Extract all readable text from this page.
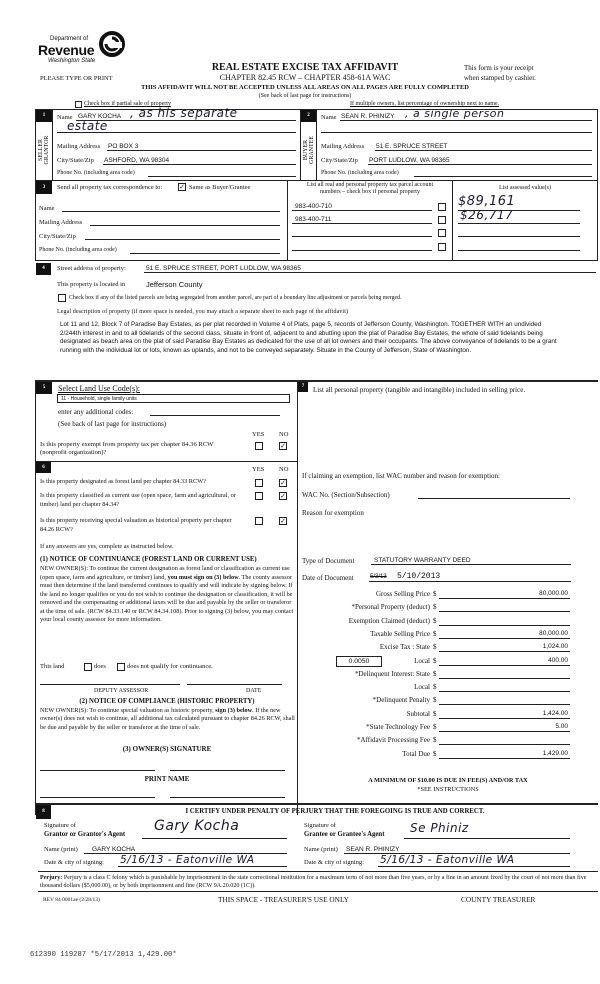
Department of
Revenue
Washington State
REAL ESTATE EXCISE TAX AFFIDAVIT
CHAPTER 82.45 RCW – CHAPTER 458-61A WAC
PLEASE TYPE OR PRINT
This form is your receipt
when stamped by cashier.
THIS AFFIDAVIT WILL NOT BE ACCEPTED UNLESS ALL AREAS ON ALL PAGES ARE FULLY COMPLETED
(See back of last page for instructions)
Check box if partial sale of property	If multiple owners, list percentage of ownership next to name.
1
SELLER GRANTOR
Name GARY KOCHA , as his separate
estate
Mailing Address PO BOX 3
City/State/Zip ASHFORD, WA 98304
Phone No. (including area code)
2
BUYER GRANTEE
Name SEAN R. PHINIZY , a single person
Mailing Address 51 E. SPRUCE STREET
City/State/Zip PORT LUDLOW, WA 98365
Phone No. (including area code)
3	Send all property tax correspondence to: ✓ Same as Buyer/Grantee
Name
Mailing Address
City/State/Zip
Phone No. (including area code)
List all real and personal property tax parcel account
numbers – check box if personal property
List assessed value(s)
983-400-710	$89,161
983-400-711	$26,717
4	Street address of property:	51 E. SPRUCE STREET, PORT LUDLOW, WA 98365
This property is located in	Jefferson County
Check box if any of the listed parcels are being segregated from another parcel, are part of a boundary line adjustment or parcels being merged.
Legal description of property (if more space is needed, you may attach a separate sheet to each page of the affidavit)
Lot 11 and 12, Block 7 of Paradise Bay Estates, as per plat recorded in Volume 4 of Plats, page 5, records of Jefferson County, Washington. TOGETHER WITH an undivided 2/244th interest in and to all tidelands of the second class, situate in front of, adjacent to and abutting upon the plat of Paradise Bay Estates, the whole of said tidelands being designated as beach area on the plat of said Paradise Bay Estates as dedicated for the use of all lot owners and their occupants. The above conveyance of tidelands to be a grant running with the individual lot or lots, known as uplands, and not to be conveyed separately. Situate in the County of Jefferson, State of Washington.
5	Select Land Use Code(s):
11 - Household, single family units
enter any additional codes:
(See back of last page for instructions)
YES NO
Is this property exempt from property tax per chapter 84.36 RCW (nonprofit organization)?
✓
7	List all personal property (tangible and intangible) included in selling price.
If claiming an exemption, list WAC number and reason for exemption:
WAC No. (Section/Subsection)
Reason for exemption
6	YES NO
Is this property designated as forest land per chapter 84.33 RCW?	✓
Is this property classified as current use (open space, farm and agricultural, or timber) land per chapter 84.34?
✓
Is this property receiving special valuation as historical property per chapter 84.26 RCW?
✓
If any answers are yes, complete as instructed below.
(1) NOTICE OF CONTINUANCE (FOREST LAND OR CURRENT USE)
NEW OWNER(S): To continue the current designation as forest land or classification as current use (open space, farm and agriculture, or timber) land, you must sign on (3) below. The county assessor must then determine if the land transferred continues to qualify and will indicate by signing below. If the land no longer qualifies or you do not wish to continue the designation or classification, it will be removed and the compensating or additional taxes will be due and payable by the seller or transferor at the time of sale. (RCW 84.33.140 or RCW 84.34.108). Prior to signing (3) below, you may contact your local county assessor for more information.
This land	does	does not qualify for continuance.
DEPUTY ASSESSOR	DATE
(2) NOTICE OF COMPLIANCE (HISTORIC PROPERTY)
NEW OWNER(S): To continue special valuation as historic property, sign (3) below. If the new owner(s) does not wish to continue, all additional tax calculated pursuant to chapter 84.26 RCW, shall be due and payable by the seller or transferor at the time of sale.
(3) OWNER(S) SIGNATURE
PRINT NAME
Type of Document	STATUTORY WARRANTY DEED
Date of Document	5/3/13 5/10/2013
Gross Selling Price $	80,000.00
*Personal Property (deduct) $
Exemption Claimed (deduct) $
Taxable Selling Price $	80,000.00
Excise Tax : State $	1,024.00
Local $	400.00
*Delinquent Interest: State $
Local $
*Delinquent Penalty $
Subtotal $	1,424.00
*State Technology Fee $	5.00
*Affidavit Processing Fee $
Total Due $	1,429.00
0.0050
A MINIMUM OF $10.00 IS DUE IN FEE(S) AND/OR TAX
*SEE INSTRUCTIONS
8	I CERTIFY UNDER PENALTY OF PERJURY THAT THE FOREGOING IS TRUE AND CORRECT.
Signature of
Grantor or Grantor's Agent
Gary Kocha
Name (print) GARY KOCHA
Date & city of signing: 5/16/13 - Eatonville WA
Signature of
Grantee or Grantee's Agent Se Phiniz
Name (print) SEAN R. PHINIZY
Date & city of signing: 5/16/13 - Eatonville WA
Perjury: Perjury is a class C felony which is punishable by imprisonment in the state correctional institution for a maximum term of not more than five years, or by a fine in an amount fixed by the court of not more than five thousand dollars ($5,000.00), or by both imprisonment and fine (RCW 9A.20.020 (1C)).
REV 84 0001ae (2/28/13)	THIS SPACE - TREASURER'S USE ONLY	COUNTY TREASURER
612390 119287 *5/17/2013 1,429.00*
